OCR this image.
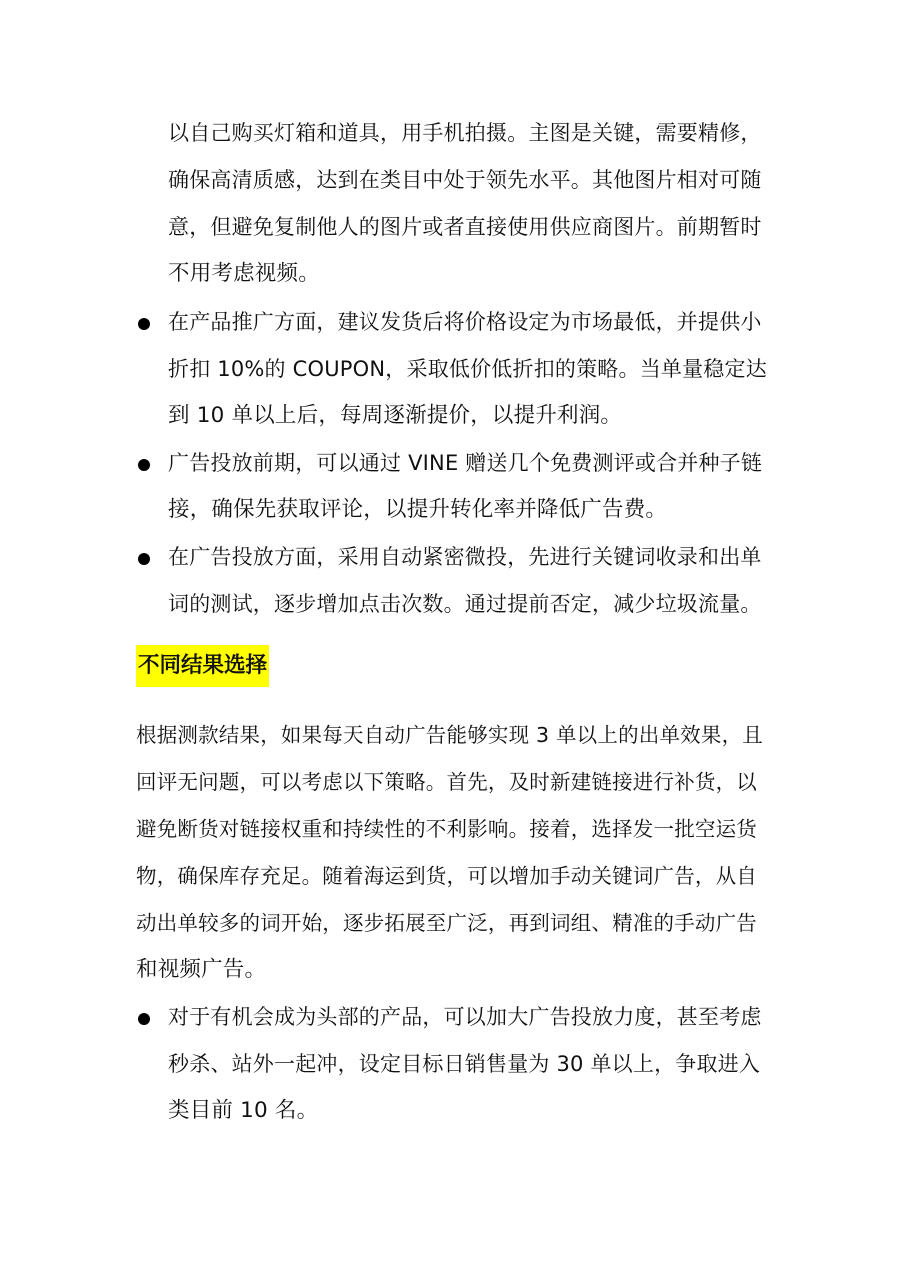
以自己购买灯箱和道具，用手机拍摄。主图是关键，需要精修，
确保高清质感，达到在类目中处于领先水平。其他图片相对可随
意，但避免复制他人的图片或者直接使用供应商图片。前期暂时
不用考虑视频。
在产品推广方面，建议发货后将价格设定为市场最低，并提供小
折扣 10%的 COUPON，采取低价低折扣的策略。当单量稳定达
到 10 单以上后，每周逐渐提价，以提升利润。
广告投放前期，可以通过 VINE 赠送几个免费测评或合并种子链
接，确保先获取评论，以提升转化率并降低广告费。
在广告投放方面，采用自动紧密微投，先进行关键词收录和出单
词的测试，逐步增加点击次数。通过提前否定，减少垃圾流量。
不同结果选择
根据测款结果，如果每天自动广告能够实现 3 单以上的出单效果，且
回评无问题，可以考虑以下策略。首先，及时新建链接进行补货，以
避免断货对链接权重和持续性的不利影响。接着，选择发一批空运货
物，确保库存充足。随着海运到货，可以增加手动关键词广告，从自
动出单较多的词开始，逐步拓展至广泛，再到词组、精准的手动广告
和视频广告。
对于有机会成为头部的产品，可以加大广告投放力度，甚至考虑
秒杀、站外一起冲，设定目标日销售量为 30 单以上，争取进入
类目前 10 名。
